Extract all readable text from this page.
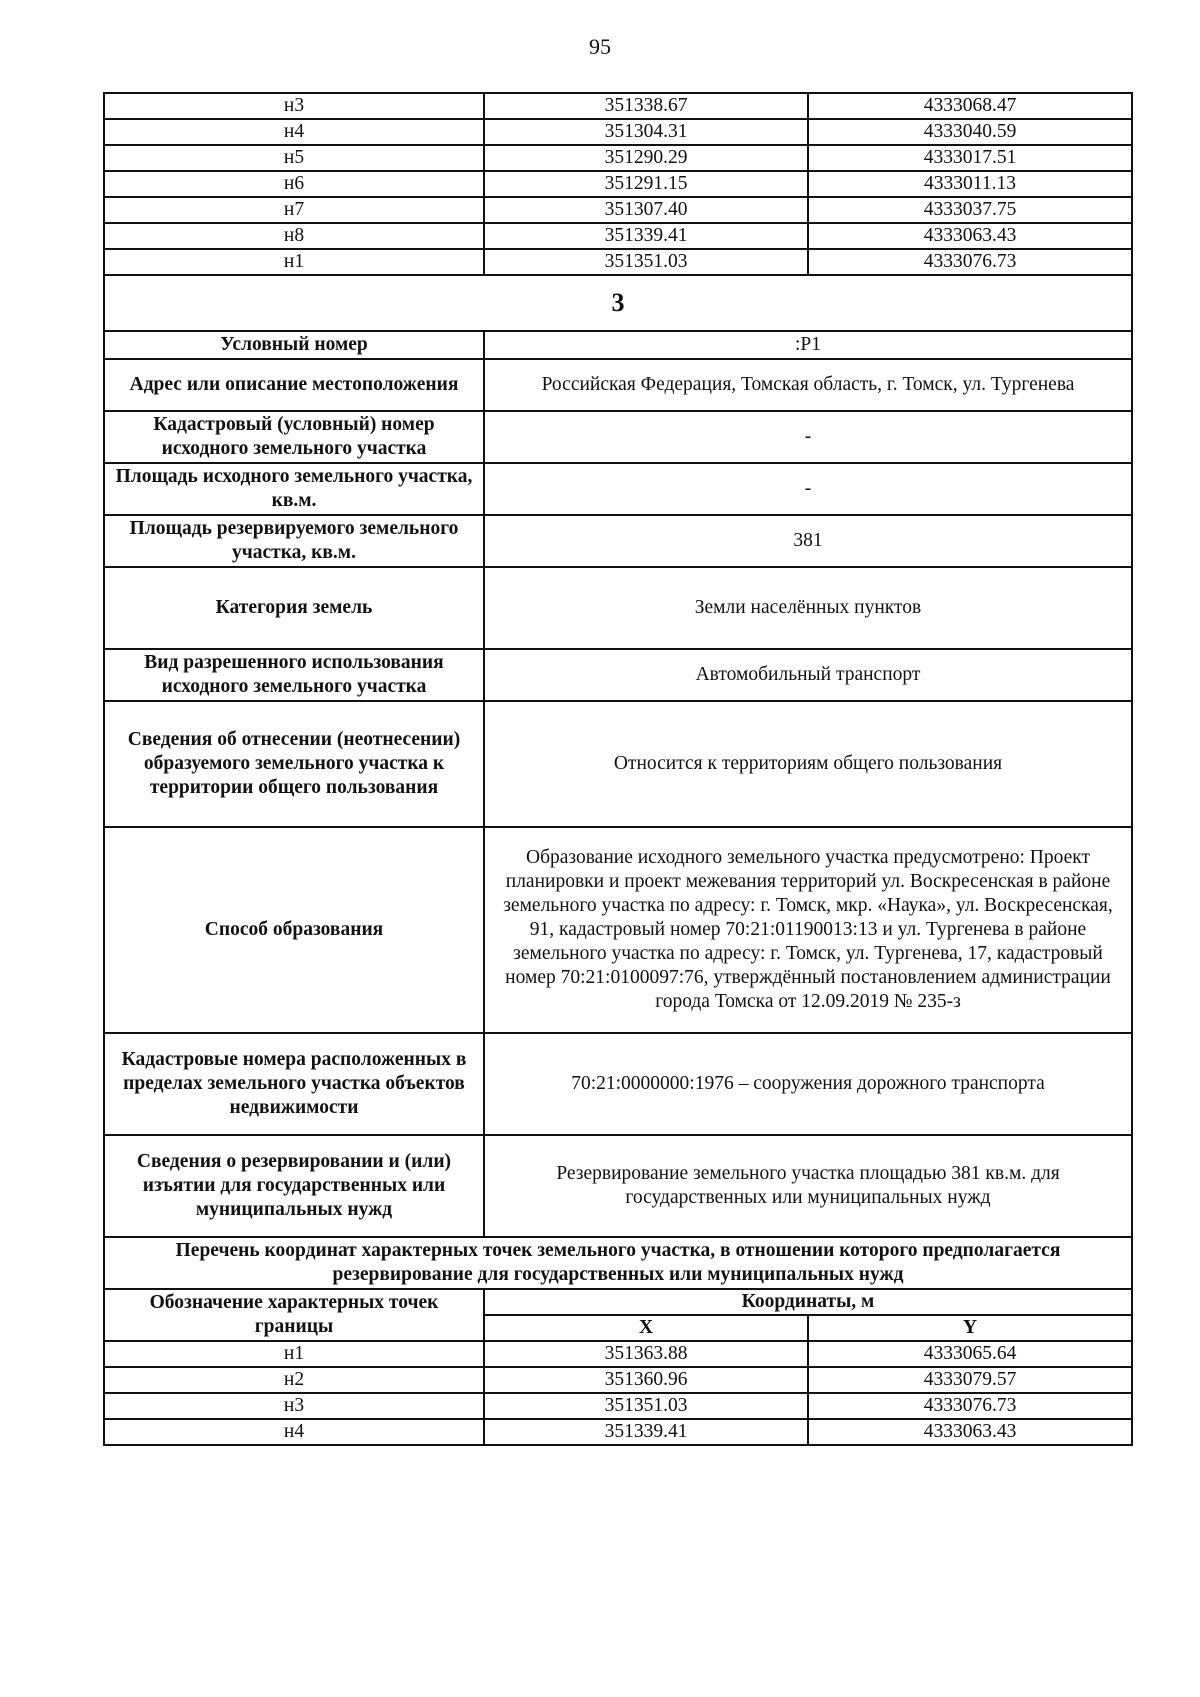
95
н3	351338.67	4333068.47
н4	351304.31	4333040.59
н5	351290.29	4333017.51
н6	351291.15	4333011.13
н7	351307.40	4333037.75
н8	351339.41	4333063.43
н1	351351.03	4333076.73
3		
Условный номер	:Р1	
Адрес или описание местоположения	Российская Федерация, Томская область, г. Томск, ул. Тургенева	
Кадастровый (условный) номер исходного земельного участка	-	
Площадь исходного земельного участка, кв.м.	-	
Площадь резервируемого земельного участка, кв.м.	381	
Категория земель	Земли населённых пунктов	
Вид разрешенного использования исходного земельного участка	Автомобильный транспорт	
Сведения об отнесении (неотнесении) образуемого земельного участка к территории общего пользования	Относится к территориям общего пользования	
Способ образования	Образование исходного земельного участка предусмотрено: Проект планировки и проект межевания территорий ул. Воскресенская в районе земельного участка по адресу: г. Томск, мкр. «Наука», ул. Воскресенская, 91, кадастровый номер 70:21:01190013:13 и ул. Тургенева в районе земельного участка по адресу: г. Томск, ул. Тургенева, 17, кадастровый номер 70:21:0100097:76, утверждённый постановлением администрации города Томска от 12.09.2019 № 235-з	
Кадастровые номера расположенных в пределах земельного участка объектов недвижимости	70:21:0000000:1976 – сооружения дорожного транспорта	
Сведения о резервировании и (или) изъятии для государственных или муниципальных нужд	Резервирование земельного участка площадью 381 кв.м. для государственных или муниципальных нужд	
Перечень координат характерных точек земельного участка, в отношении которого предполагается резервирование для государственных или муниципальных нужд		
Обозначение характерных точек границы	Координаты, м	
	X	Y
н1	351363.88	4333065.64
н2	351360.96	4333079.57
н3	351351.03	4333076.73
н4	351339.41	4333063.43
